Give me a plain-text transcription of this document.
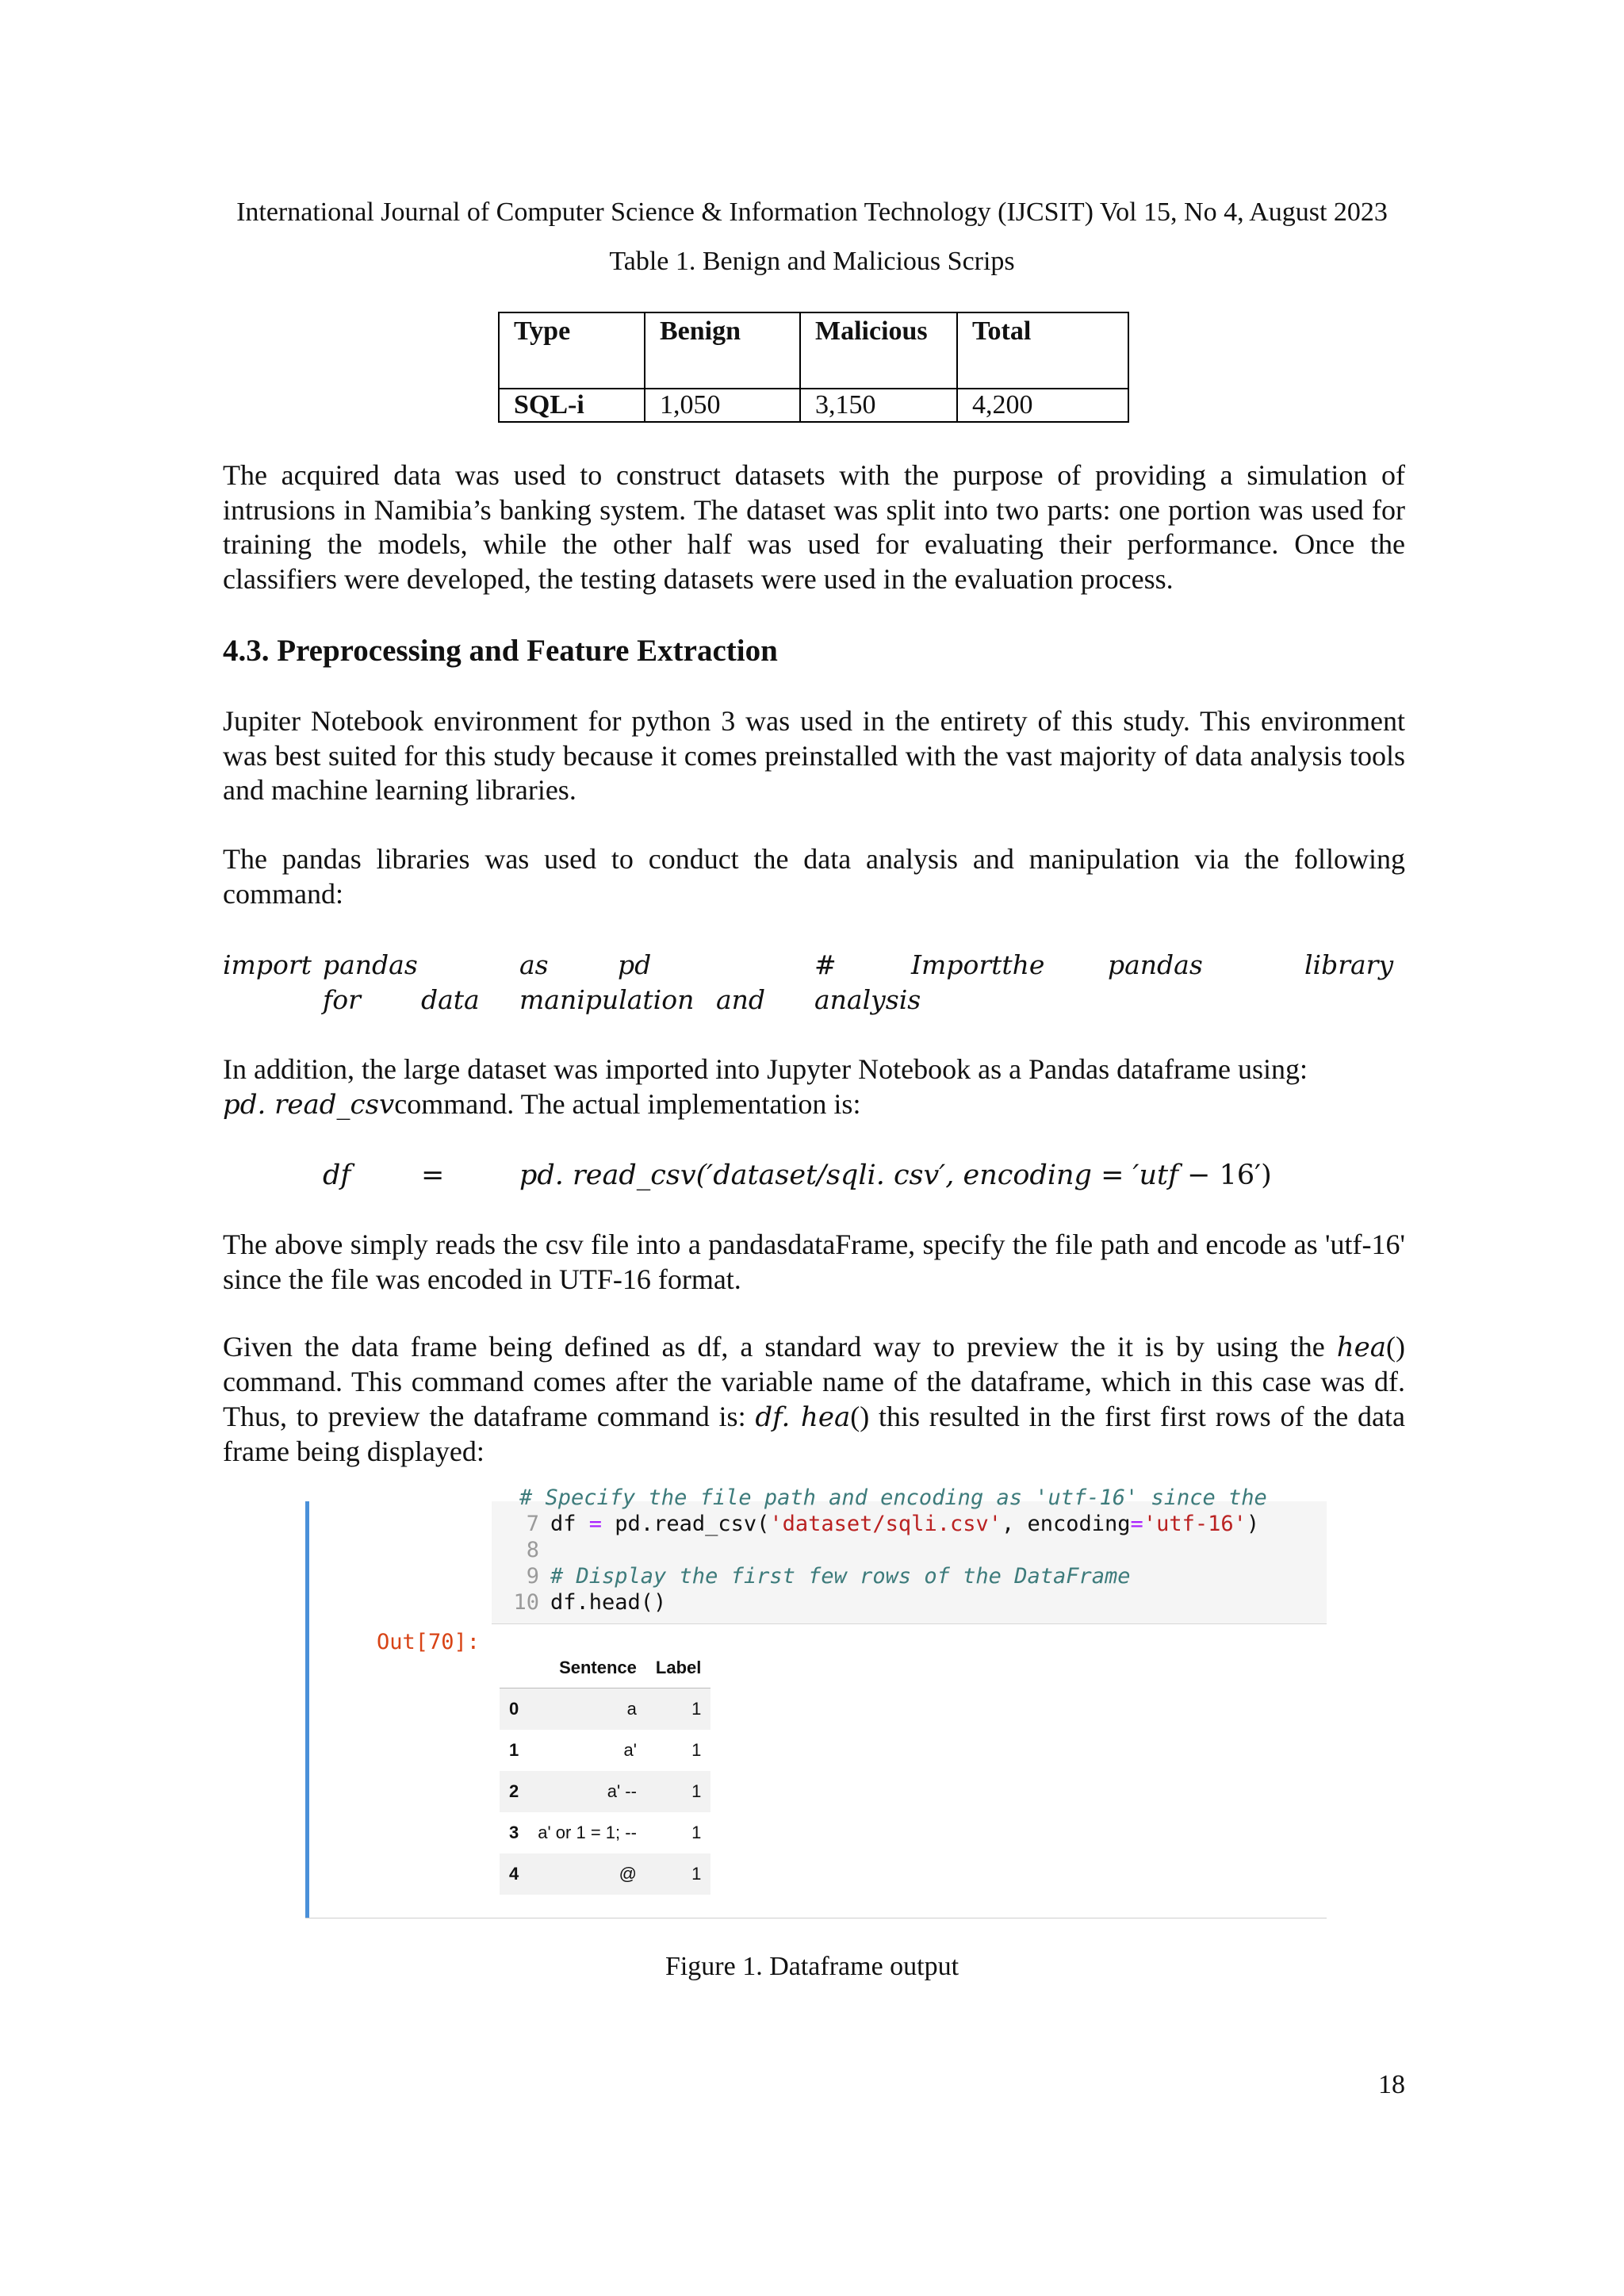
International Journal of Computer Science & Information Technology (IJCSIT) Vol 15, No 4, August 2023
Table 1. Benign and Malicious Scrips
Type	Benign	Malicious	Total
SQL-i	1,050	3,150	4,200
The acquired data was used to construct datasets with the purpose of providing a simulation of intrusions in Namibia’s banking system. The dataset was split into two parts: one portion was used for training the models, while the other half was used for evaluating their performance. Once the classifiers were developed, the testing datasets were used in the evaluation process.
4.3. Preprocessing and Feature Extraction
Jupiter Notebook environment for python 3 was used in the entirety of this study. This environment was best suited for this study because it comes preinstalled with the vast majority of data analysis tools and machine learning libraries.
The pandas libraries was used to conduct the data analysis and manipulation via the following command:
import pandas	as	pd	#	Importthe pandas	library
for data manipulation and analysis
In addition, the large dataset was imported into Jupyter Notebook as a Pandas dataframe using:
pd. read_csvcommand. The actual implementation is:
df	=	pd. read_csv(′dataset/sqli. csv′, encoding = ′utf − 16′)
The above simply reads the csv file into a pandasdataFrame, specify the file path and encode as 'utf-16' since the file was encoded in UTF-16 format.
Given the data frame being defined as df, a standard way to preview the it is by using the hea() command. This command comes after the variable name of the dataframe, which in this case was df. Thus, to preview the dataframe command is: df. hea() this resulted in the first first rows of the data frame being displayed:
# Specify the file path and encoding as 'utf-16' since the
7 df = pd.read_csv('dataset/sqli.csv', encoding='utf-16')
8
9 # Display the first few rows of the DataFrame
10 df.head()
Out[70]:
	Sentence	Label
0	a	1
1	a'	1
2	a' --	1
3	a' or 1 = 1; --	1
4	@	1
Figure 1. Dataframe output
18
